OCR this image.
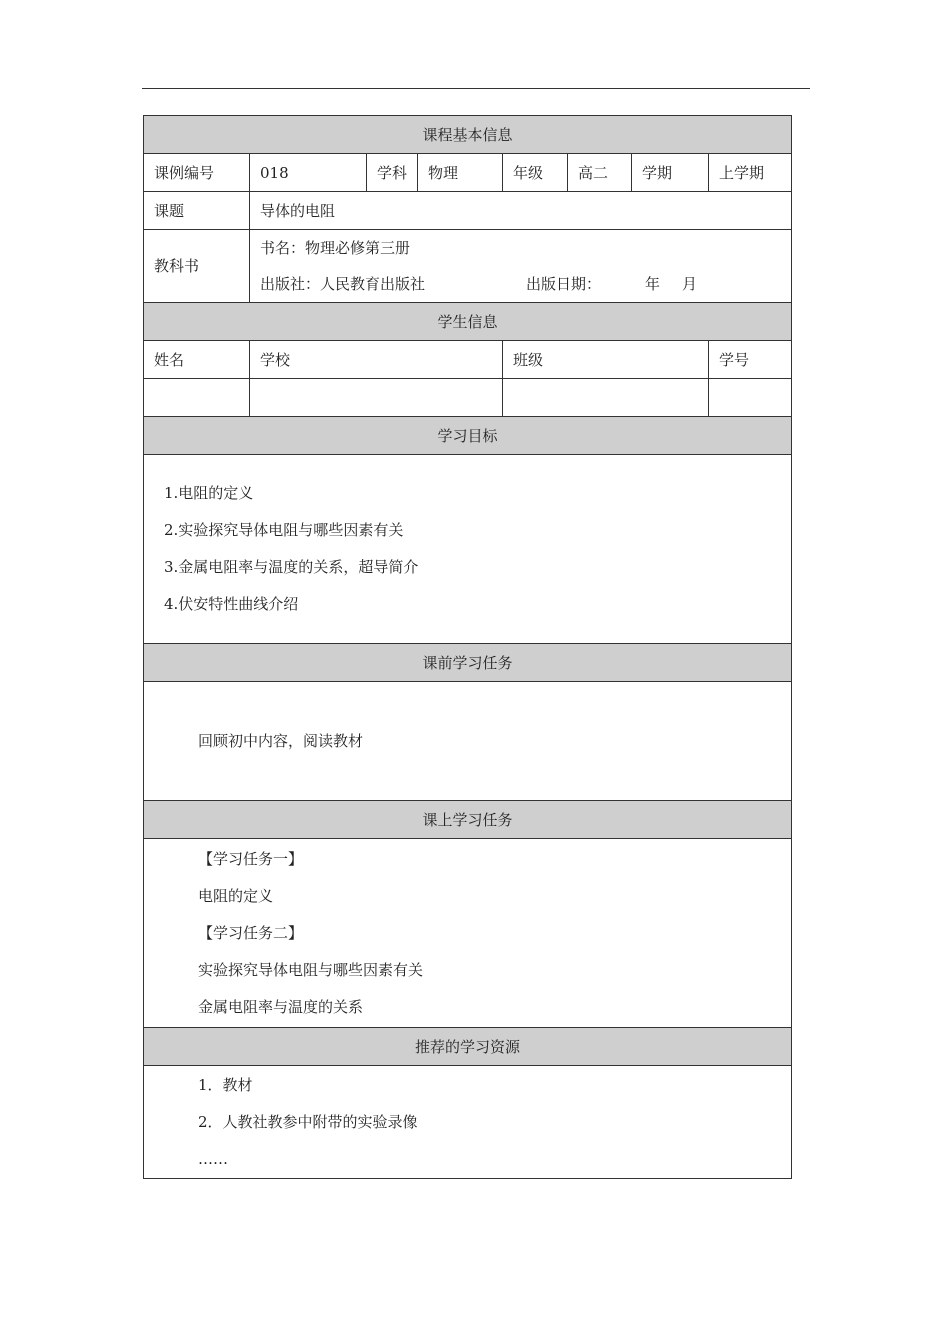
课程基本信息							
课例编号	018	学科	物理	年级	高二	学期	上学期
课题	导体的电阻						
教科书	书名：物理必修第三册
出版社：人民教育出版社 出版日期： 年 月						

学生信息							
姓名	学校			班级			学号

学习目标							

1.电阻的定义
2.实验探究导体电阻与哪些因素有关
3.金属电阻率与温度的关系，超导简介
4.伏安特性曲线介绍							

课前学习任务							

回顾初中内容，阅读教材							

课上学习任务							

【学习任务一】
电阻的定义
【学习任务二】
实验探究导体电阻与哪些因素有关
金属电阻率与温度的关系							

推荐的学习资源							

1．教材
2．人教社教参中附带的实验录像
……							
